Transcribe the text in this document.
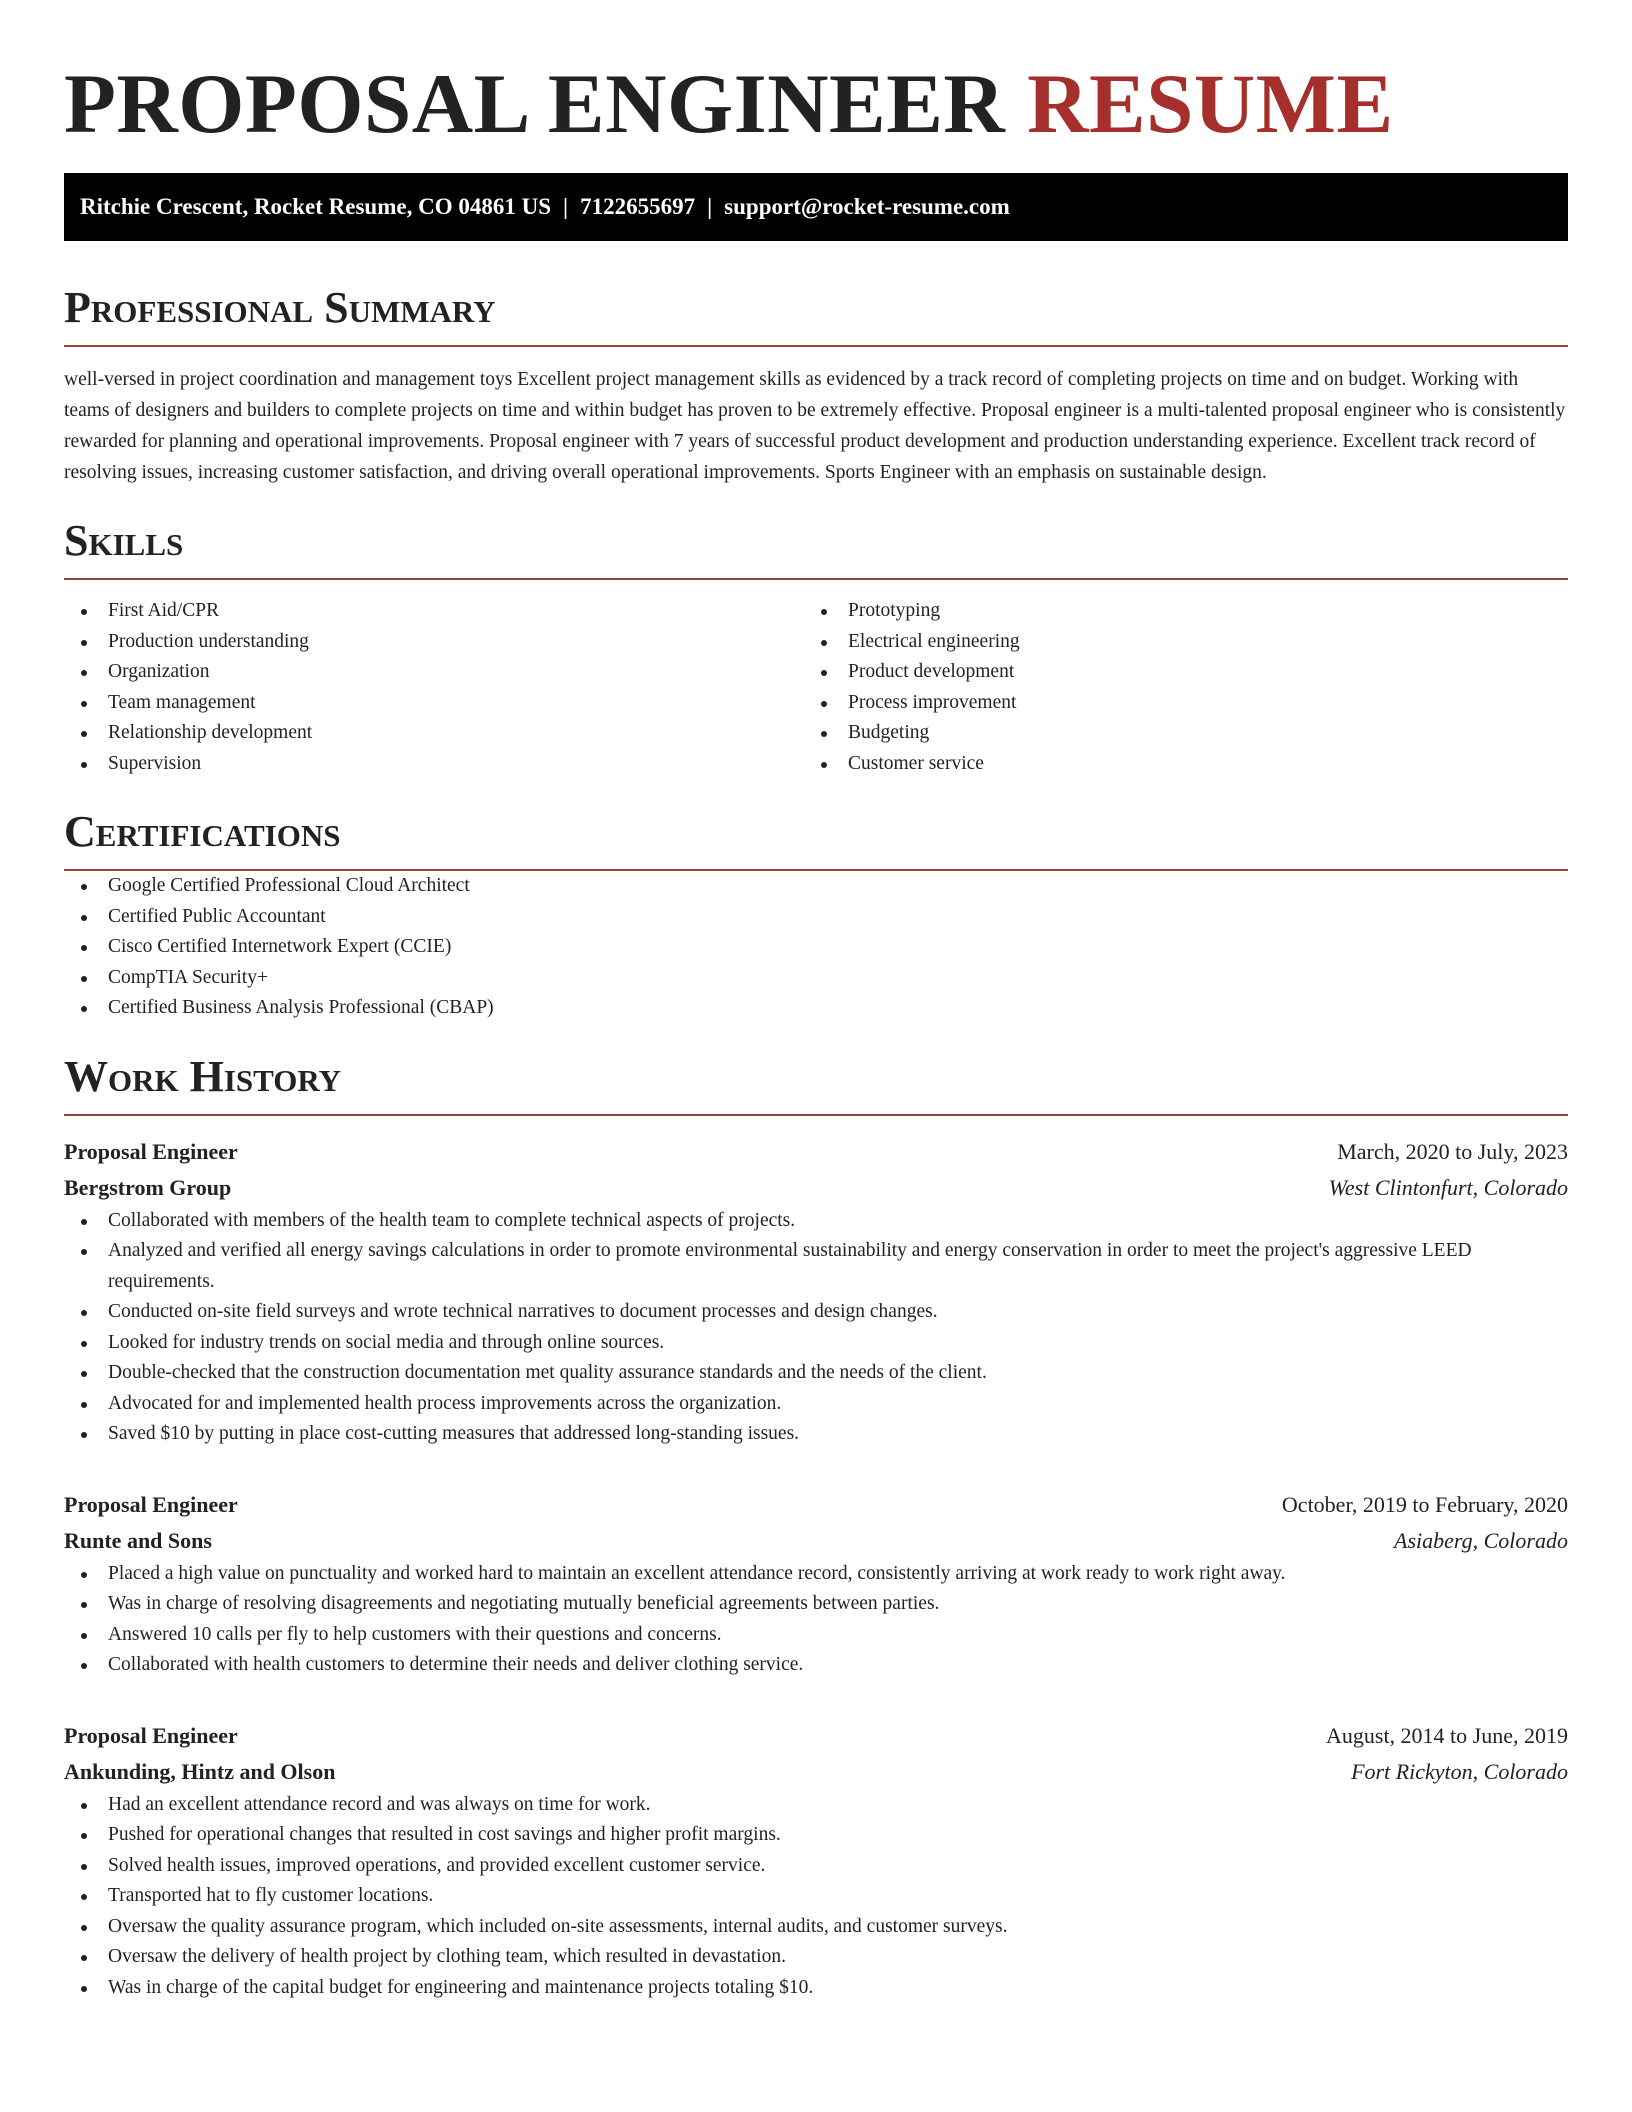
PROPOSAL ENGINEER RESUME
Ritchie Crescent, Rocket Resume, CO 04861 US | 7122655697 | support@rocket-resume.com
Professional Summary

well-versed in project coordination and management toys Excellent project management skills as evidenced by a track record of completing projects on time and on budget. Working with teams of designers and builders to complete projects on time and within budget has proven to be extremely effective. Proposal engineer is a multi-talented proposal engineer who is consistently rewarded for planning and operational improvements. Proposal engineer with 7 years of successful product development and production understanding experience. Excellent track record of resolving issues, increasing customer satisfaction, and driving overall operational improvements. Sports Engineer with an emphasis on sustainable design.

Skills
First Aid/CPR
Production understanding
Organization
Team management
Relationship development
Supervision
Prototyping
Electrical engineering
Product development
Process improvement
Budgeting
Customer service
Certifications
Google Certified Professional Cloud Architect
Certified Public Accountant
Cisco Certified Internetwork Expert (CCIE)
CompTIA Security+
Certified Business Analysis Professional (CBAP)
Work History
Proposal Engineer	March, 2020 to July, 2023
Bergstrom Group	West Clintonfurt, Colorado
Collaborated with members of the health team to complete technical aspects of projects.
Analyzed and verified all energy savings calculations in order to promote environmental sustainability and energy conservation in order to meet the project's aggressive LEED requirements.
Conducted on-site field surveys and wrote technical narratives to document processes and design changes.
Looked for industry trends on social media and through online sources.
Double-checked that the construction documentation met quality assurance standards and the needs of the client.
Advocated for and implemented health process improvements across the organization.
Saved $10 by putting in place cost-cutting measures that addressed long-standing issues.
Proposal Engineer	October, 2019 to February, 2020
Runte and Sons	Asiaberg, Colorado
Placed a high value on punctuality and worked hard to maintain an excellent attendance record, consistently arriving at work ready to work right away.
Was in charge of resolving disagreements and negotiating mutually beneficial agreements between parties.
Answered 10 calls per fly to help customers with their questions and concerns.
Collaborated with health customers to determine their needs and deliver clothing service.
Proposal Engineer	August, 2014 to June, 2019
Ankunding, Hintz and Olson	Fort Rickyton, Colorado
Had an excellent attendance record and was always on time for work.
Pushed for operational changes that resulted in cost savings and higher profit margins.
Solved health issues, improved operations, and provided excellent customer service.
Transported hat to fly customer locations.
Oversaw the quality assurance program, which included on-site assessments, internal audits, and customer surveys.
Oversaw the delivery of health project by clothing team, which resulted in devastation.
Was in charge of the capital budget for engineering and maintenance projects totaling $10.
